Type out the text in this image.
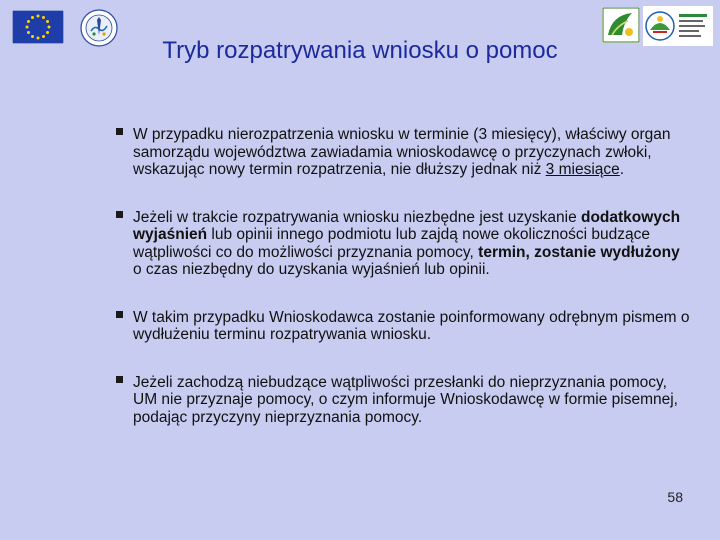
Tryb rozpatrywania wniosku o pomoc
W przypadku nierozpatrzenia wniosku w terminie (3 miesięcy), właściwy organ samorządu województwa zawiadamia wnioskodawcę o przyczynach zwłoki, wskazując nowy termin rozpatrzenia, nie dłuższy jednak niż 3 miesiące.
Jeżeli w trakcie rozpatrywania wniosku niezbędne jest uzyskanie dodatkowych wyjaśnień lub opinii innego podmiotu lub zajdą nowe okoliczności budzące wątpliwości co do możliwości przyznania pomocy, termin, zostanie wydłużony o czas niezbędny do uzyskania wyjaśnień lub opinii.
W takim przypadku Wnioskodawca zostanie poinformowany odrębnym pismem o wydłużeniu terminu rozpatrywania wniosku.
Jeżeli zachodzą niebudzące wątpliwości przesłanki do nieprzyznania pomocy, UM nie przyznaje pomocy, o czym informuje Wnioskodawcę w formie pisemnej, podając przyczyny nieprzyznania pomocy.
58
